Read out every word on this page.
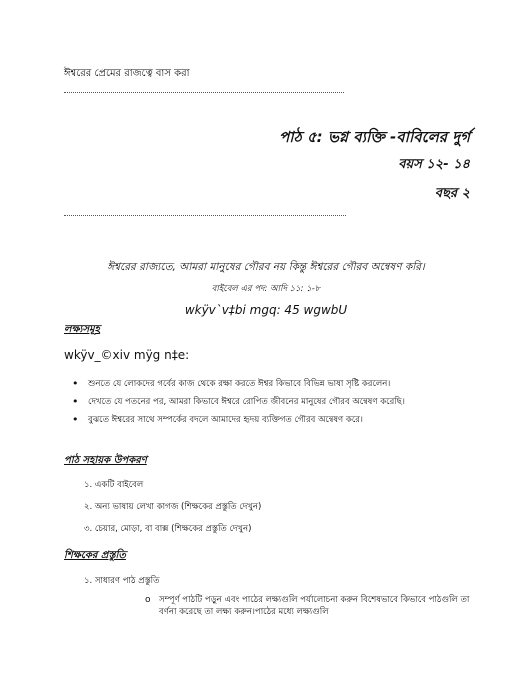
ঈশ্বরের প্রেমের রাজত্বে বাস করা
পাঠ ৫: ভগ্ন ব্যক্তি -বাবিলের দুর্গ
বয়স ১২- ১৪
বছর ২
ঈশ্বরের রাজ্যতে, আমরা মানুষের গৌরব নয় কিন্তু ঈশ্বরের গৌরব অন্বেষণ করি।
বাইবেল এর পদ: আদি ১১: ১-৮
wkÿv`v‡bi mgq: 45 wgwbU
লক্ষ্যসমূহ
wkÿv_©xiv mÿg n‡e:
• শুনতে যে লোকদের গর্বের কাজ থেকে রক্ষা করতে ঈশ্বর কিভাবে বিভিন্ন ভাষা সৃষ্টি করলেন।
• দেখতে যে পতনের পর, আমরা কিভাবে ঈশ্বরে রোপিত জীবনের মানুষের গৌরব অন্বেষণ করেছি।
• বুঝতে ঈশ্বরের সাথে সম্পর্কের বদলে আমাদের হৃদয় ব্যক্তিগত গৌরব অন্বেষণ করে।
পাঠ সহায়ক উপকরণ
১. একটি বাইবেল
২. অন্য ভাষায় লেখা কাগজ (শিক্ষকের প্রস্তুতি দেখুন)
৩. চেয়ার, মোড়া, বা বাক্স (শিক্ষকের প্রস্তুতি দেখুন)
শিক্ষকের প্রস্তুতি
১. সাধারণ পাঠ প্রস্তুতি
o সম্পূর্ণ পাঠটি পড়ুন এবং পাঠের লক্ষ্যগুলি পর্যালোচনা করুন বিশেষভাবে কিভাবে পাঠগুলি তা বর্ণনা করেছে তা লক্ষ্য করুন।পাঠের মধ্যে লক্ষ্যগুলি
